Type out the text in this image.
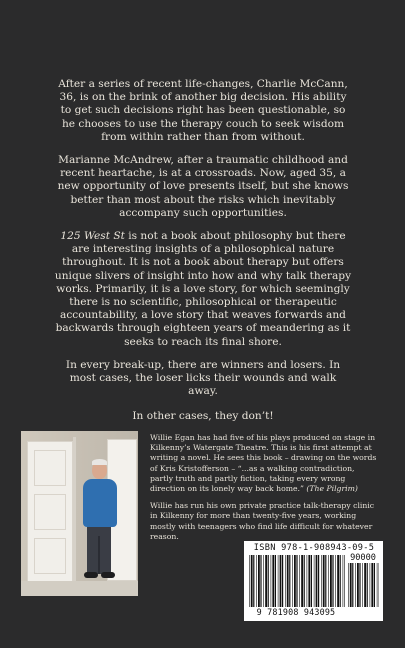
After a series of recent life-changes, Charlie McCann, 36, is on the brink of another big decision. His ability to get such decisions right has been questionable, so he chooses to use the therapy couch to seek wisdom from within rather than from without.

Marianne McAndrew, after a traumatic childhood and recent heartache, is at a crossroads. Now, aged 35, a new opportunity of love presents itself, but she knows better than most about the risks which inevitably accompany such opportunities.

125 West St is not a book about philosophy but there are interesting insights of a philosophical nature throughout. It is not a book about therapy but offers unique slivers of insight into how and why talk therapy works. Primarily, it is a love story, for which seemingly there is no scientific, philosophical or therapeutic accountability, a love story that weaves forwards and backwards through eighteen years of meandering as it seeks to reach its final shore.

In every break-up, there are winners and losers. In most cases, the loser licks their wounds and walk away.

In other cases, they don’t!

Willie Egan has had five of his plays produced on stage in Kilkenny’s Watergate Theatre. This is his first attempt at writing a novel. He sees this book – drawing on the words of Kris Kristofferson – “...as a walking contradiction, partly truth and partly fiction, taking every wrong direction on its lonely way back home.” (The Pilgrim)

Willie has run his own private practice talk-therapy clinic in Kilkenny for more than twenty-five years, working mostly with teenagers who find life difficult for whatever reason.

ISBN 978-1-908943-09-5
90000
9 781908 943095
